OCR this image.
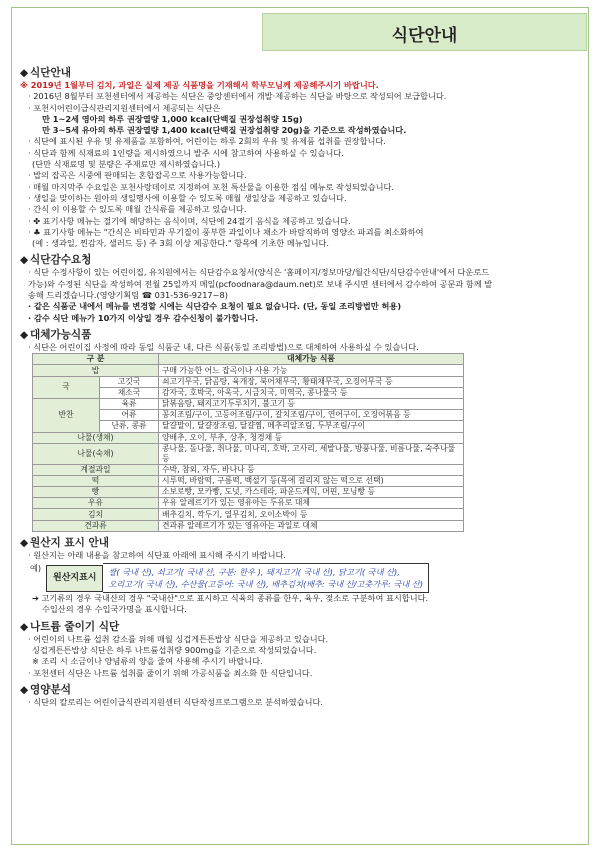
식단안내
◆ 식단안내
※ 2019년 1월부터 김치, 과일은 실제 제공 식품명을 기재해서 학부모님께 제공해주시기 바랍니다.
· 2016년 8월부터 포천센터에서 제공하는 식단은 중앙센터에서 개발·제공하는 식단을 바탕으로 작성되어 보급합니다.
· 포천시어린이급식관리지원센터에서 제공되는 식단은
만 1~2세 영아의 하루 권장열량 1,000 kcal(단백질 권장섭취량 15g)
만 3~5세 유아의 하루 권장열량 1,400 kcal(단백질 권장섭취량 20g)을 기준으로 작성하였습니다.
· 식단에 표시된 우유 및 유제품을 포함하여, 어린이는 하루 2회의 우유 및 유제품 섭취를 권장합니다.
· 식단과 함께 식재료의 1인량을 제시하였으니 발주 시에 참고하여 사용하실 수 있습니다.
(단만 식재료명 및 분량은 주재료만 제시하였습니다.)
· 밥의 잡곡은 시중에 판매되는 혼합잡곡으로 사용가능합니다.
· 매월 마지막주 수요일은 포천사랑데이로 지정하여 포천 특산물을 이용한 점심 메뉴로 작성되었습니다.
· 생일을 맞이하는 원아의 생일행사에 이용할 수 있도록 매월 생일상을 제공하고 있습니다.
· 간식 이 이용할 수 있도록 매월 간식류를 제공하고 있습니다.
· ✤ 표기사항 메뉴는 절기에 해당하는 음식이며, 식단에 24절기 음식을 제공하고 있습니다.
· ♣ 표기사항 메뉴는 "간식은 비타민과 무기질이 풍부한 과일이나 채소가 바람직하며 영양소 파괴를 최소화하여
(예 : 생과일, 찐감자, 샐러드 등) 주 3회 이상 제공한다." 항목에 기초한 메뉴입니다.
◆ 식단감수요청
· 식단 수정사항이 있는 어린이집, 유치원에서는 식단감수요청서(양식은 '홈페이지/정보마당/월간식단/식단감수안내'에서 다운로드
가능)와 수정된 식단을 작성하여 전월 25일까지 메일(pcfoodnara@daum.net)로 보내 주시면 센터에서 감수하여 공문과 함께 발
송해 드리겠습니다.(영양기획팀 ☎ 031-536-9217~8)
· 같은 식품군 내에서 메뉴를 변경할 시에는 식단감수 요청이 필요 없습니다. (단, 동일 조리방법만 허용)
· 감수 식단 메뉴가 10가지 이상일 경우 감수신청이 불가합니다.
◆ 대체가능식품
· 식단은 어린이집 사정에 따라 동일 식품군 내, 다른 식품(동일 조리방법)으로 대체하여 사용하실 수 있습니다.
구 분		대체가능 식품
밥		구매 가능한 어느 잡곡이나 사용 가능
국	고깃국	쇠고기무국, 닭곰탕, 육개장, 북어채무국, 황태채무국, 오징어무국 등
	채소국	감자국, 호박국, 아욱국, 시금치국, 미역국, 콩나물국 등
반찬	육류	닭볶음탕, 돼지고기두루치기, 불고기 등
	어류	꽁치조림/구이, 고등어조림/구이, 갈치조림/구이, 연어구이, 오징어볶음 등
	난류, 콩류	달걀말이, 달걀장조림, 달걀찜, 메추리알조림, 두부조림/구이
나물(생채)		양배추, 오이, 부추, 상추, 청경채 등
나물(숙채)		콩나물, 돌나물, 취나물, 미나리, 호박, 고사리, 세발나물, 방풍나물, 비름나물, 숙주나물 등
계절과일		수박, 참외, 자두, 바나나 등
떡		시루떡, 바람떡, 구름떡, 백설기 등(목에 걸리지 않는 떡으로 선택)
빵		소보로빵, 모카빵, 도넛, 카스테라, 파운드케익, 머핀, 모닝빵 등
우유		우유 알레르기가 있는 영유아는 두유로 대체
김치		배추김치, 깍두기, 열무김치, 오이소박이 등
견과류		견과류 알레르기가 있는 영유아는 과일로 대체
◆ 원산지 표시 안내
· 원산지는 아래 내용을 참고하여 식단표 아래에 표시해 주시기 바랍니다.
예)
원산지표시
쌀( 국내 산), 쇠고기( 국내 산, 구분: 한우 ), 돼지고기( 국내 산), 닭고기( 국내 산),
오리고기( 국내 산), 수산물(고등어: 국내 산), 배추김치(배추: 국내 산/고춧가루: 국내 산)
➔ 고기류의 경우 국내산의 경우 "국내산"으로 표시하고 식육의 종류를 한우, 육우, 젖소로 구분하여 표시합니다.
수입산의 경우 수입국가명을 표시합니다.
◆ 나트륨 줄이기 식단
· 어린이의 나트륨 섭취 감소를 위해 매월 싱겁게튼튼밥상 식단을 제공하고 있습니다.
싱겁게튼튼밥상 식단은 하루 나트륨섭취량 900mg을 기준으로 작성되었습니다.
※ 조리 시 소금이나 양념류의 양을 줄여 사용해 주시기 바랍니다.
· 포천센터 식단은 나트륨 섭취를 줄이기 위해 가공식품을 최소화 한 식단입니다.
◆ 영양분석
· 식단의 칼로리는 어린이급식관리지원센터 식단작성프로그램으로 분석하였습니다.
